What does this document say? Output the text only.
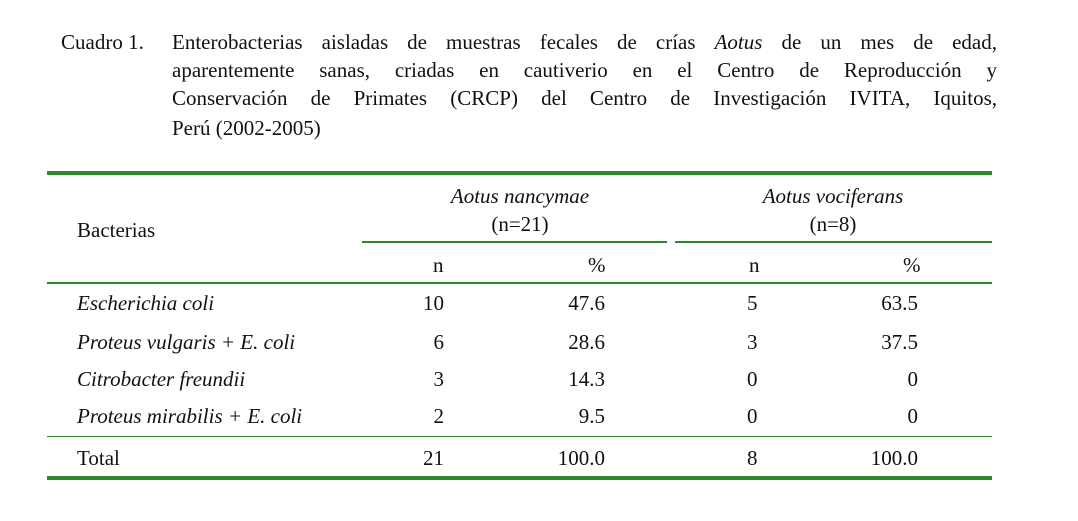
Cuadro 1. Enterobacterias aisladas de muestras fecales de crías Aotus de un mes de edad,
aparentemente sanas, criadas en cautiverio en el Centro de Reproducción y
Conservación de Primates (CRCP) del Centro de Investigación IVITA, Iquitos,
Perú (2002-2005)
Bacterias
Aotus nancymae
(n=21)
Aotus vociferans
(n=8)
n	%	n	%
Escherichia coli	10	47.6	5	63.5
Proteus vulgaris + E. coli	6	28.6	3	37.5
Citrobacter freundii	3	14.3	0	0
Proteus mirabilis + E. coli	2	9.5	0	0
Total	21	100.0	8	100.0
